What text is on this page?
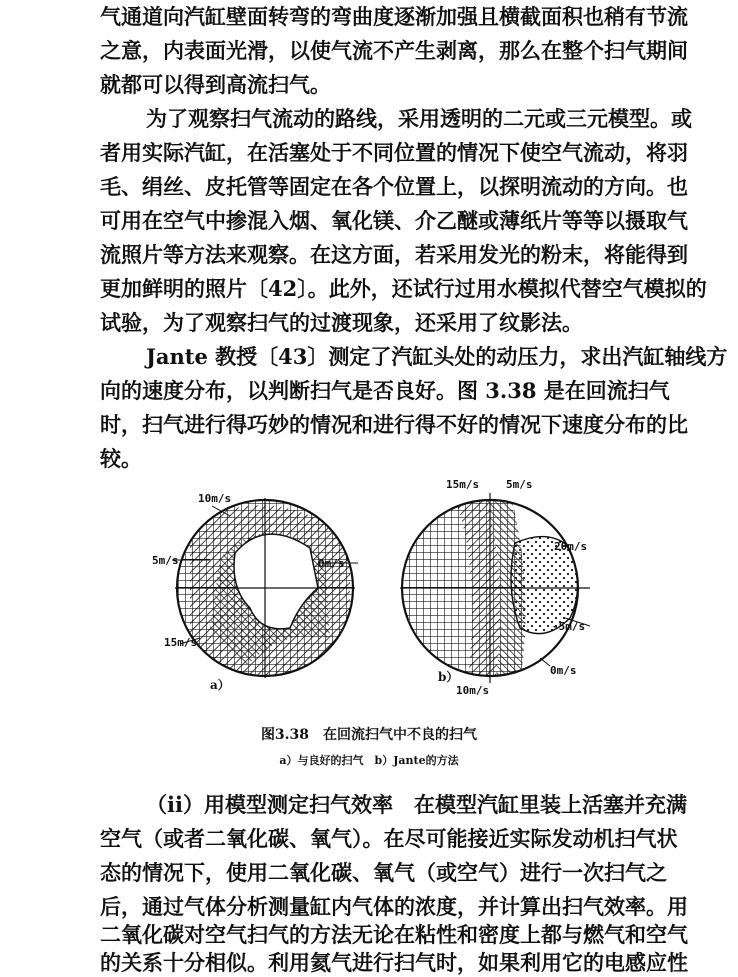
气通道向汽缸壁面转弯的弯曲度逐渐加强且横截面积也稍有节流
之意，内表面光滑，以使气流不产生剥离，那么在整个扫气期间
就都可以得到高流扫气。
为了观察扫气流动的路线，采用透明的二元或三元模型。或
者用实际汽缸，在活塞处于不同位置的情况下使空气流动，将羽
毛、绢丝、皮托管等固定在各个位置上，以探明流动的方向。也
可用在空气中掺混入烟、氧化镁、介乙醚或薄纸片等等以摄取气
流照片等方法来观察。在这方面，若采用发光的粉末，将能得到
更加鲜明的照片〔42〕。此外，还试行过用水模拟代替空气模拟的
试验，为了观察扫气的过渡现象，还采用了纹影法。
Jante 教授〔43〕测定了汽缸头处的动压力，求出汽缸轴线方
向的速度分布，以判断扫气是否良好。图 3.38 是在回流扫气
时，扫气进行得巧妙的情况和进行得不好的情况下速度分布的比
较。
10m/s
5m/s	0m/s
15m/s
a）
15m/s 5m/s
20m/s
-5m/s
0m/s
10m/s
b）
图3.38　在回流扫气中不良的扫气
a）与良好的扫气　b）Jante的方法
（ii）用模型测定扫气效率　在模型汽缸里装上活塞并充满
空气（或者二氧化碳、氧气）。在尽可能接近实际发动机扫气状
态的情况下，使用二氧化碳、氧气（或空气）进行一次扫气之
后，通过气体分析测量缸内气体的浓度，并计算出扫气效率。用
二氧化碳对空气扫气的方法无论在粘性和密度上都与燃气和空气
的关系十分相似。利用氦气进行扫气时，如果利用它的电感应性
